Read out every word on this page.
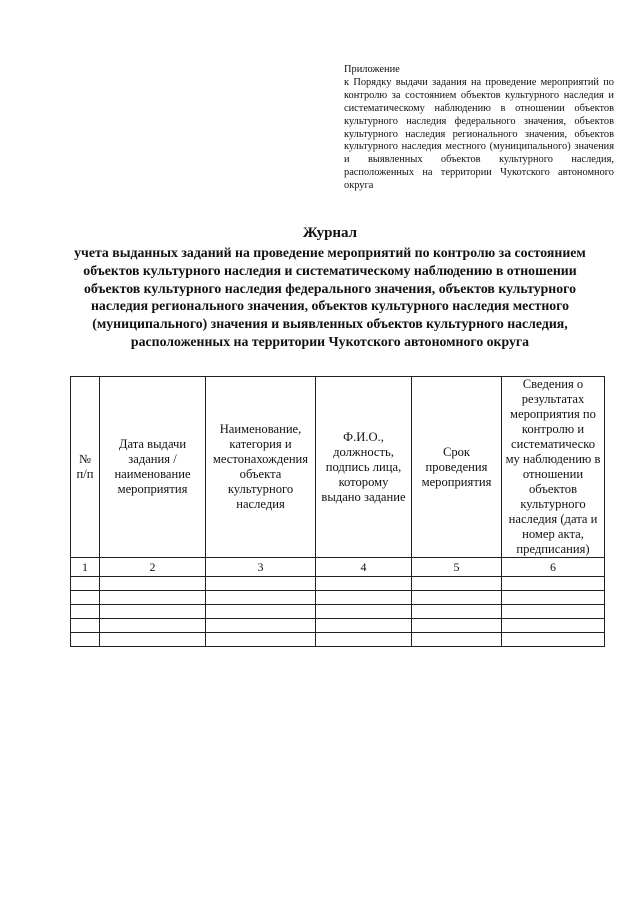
Приложение
к Порядку выдачи задания на проведение мероприятий по контролю за состоянием объектов культурного наследия и систематическому наблюдению в отношении объектов культурного наследия федерального значения, объектов культурного наследия регионального значения, объектов культурного наследия местного (муниципального) значения и выявленных объектов культурного наследия, расположенных на территории Чукотского автономного округа
Журнал
учета выданных заданий на проведение мероприятий по контролю за состоянием объектов культурного наследия и систематическому наблюдению в отношении объектов культурного наследия федерального значения, объектов культурного наследия регионального значения, объектов культурного наследия местного (муниципального) значения и выявленных объектов культурного наследия, расположенных на территории Чукотского автономного округа
№ п/п	Дата выдачи задания /наименование мероприятия	Наименование, категория и местонахождения объекта культурного наследия	Ф.И.О., должность, подпись лица, которому выдано задание	Срок проведения мероприятия	Сведения о результатах мероприятия по контролю и систематическо му наблюдению в отношении объектов культурного наследия (дата и номер акта, предписания)

1	2	3	4	5	6
